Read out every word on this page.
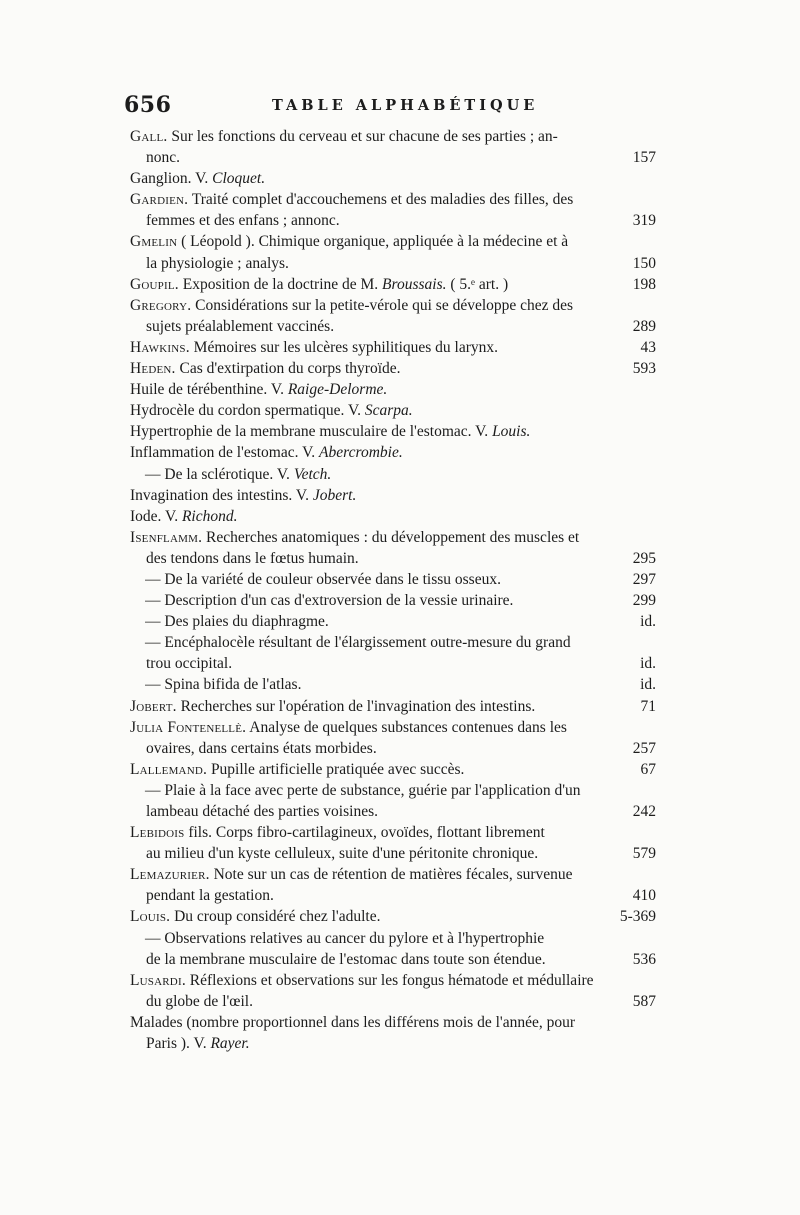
656	TABLE ALPHABÉTIQUE
Gall. Sur les fonctions du cerveau et sur chacune de ses parties ; an-
nonc.	157
Ganglion. V. Cloquet.
Gardien. Traité complet d'accouchemens et des maladies des filles, des
femmes et des enfans ; annonc.	319
Gmelin ( Léopold ). Chimique organique, appliquée à la médecine et à
la physiologie ; analys.	150
Goupil. Exposition de la doctrine de M. Broussais. ( 5.ᵉ art. )	198
Gregory. Considérations sur la petite-vérole qui se développe chez des
sujets préalablement vaccinés.	289
Hawkins. Mémoires sur les ulcères syphilitiques du larynx.	43
Heden. Cas d'extirpation du corps thyroïde.	593
Huile de térébenthine. V. Raige-Delorme.
Hydrocèle du cordon spermatique. V. Scarpa.
Hypertrophie de la membrane musculaire de l'estomac. V. Louis.
Inflammation de l'estomac. V. Abercrombie.
— De la sclérotique. V. Vetch.
Invagination des intestins. V. Jobert.
Iode. V. Richond.
Isenflamm. Recherches anatomiques : du développement des muscles et
des tendons dans le fœtus humain.	295
— De la variété de couleur observée dans le tissu osseux.	297
— Description d'un cas d'extroversion de la vessie urinaire.	299
— Des plaies du diaphragme.	id.
— Encéphalocèle résultant de l'élargissement outre-mesure du grand
trou occipital.	id.
— Spina bifida de l'atlas.	id.
Jobert. Recherches sur l'opération de l'invagination des intestins.	71
Julia Fontenellè. Analyse de quelques substances contenues dans les
ovaires, dans certains états morbides.	257
Lallemand. Pupille artificielle pratiquée avec succès.	67
— Plaie à la face avec perte de substance, guérie par l'application d'un
lambeau détaché des parties voisines.	242
Lebidois fils. Corps fibro-cartilagineux, ovoïdes, flottant librement
au milieu d'un kyste celluleux, suite d'une péritonite chronique.	579
Lemazurier. Note sur un cas de rétention de matières fécales, survenue
pendant la gestation.	410
Louis. Du croup considéré chez l'adulte.	5-369
— Observations relatives au cancer du pylore et à l'hypertrophie
de la membrane musculaire de l'estomac dans toute son étendue.	536
Lusardi. Réflexions et observations sur les fongus hématode et médullaire
du globe de l'œil.	587
Malades (nombre proportionnel dans les différens mois de l'année, pour
Paris ). V. Rayer.
